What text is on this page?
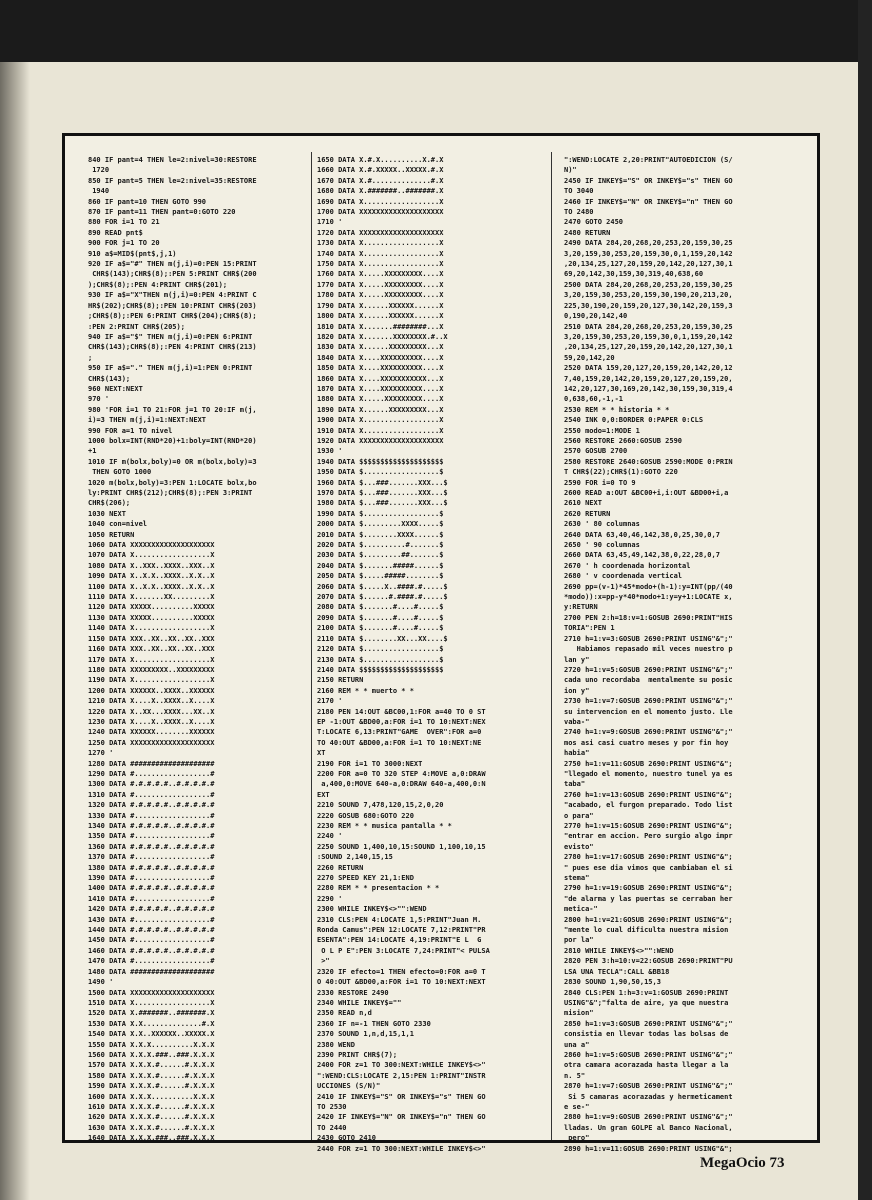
840 IF pant=4 THEN le=2:nivel=30:RESTORE
1720
850 IF pant=5 THEN le=2:nivel=35:RESTORE
1940
860 IF pant=10 THEN GOTO 990
870 IF pant=11 THEN pant=0:GOTO 220
880 FOR i=1 TO 21
890 READ pnt$
900 FOR j=1 TO 20
910 a$=MID$(pnt$,j,1)
920 IF a$="#" THEN m(j,i)=0:PEN 15:PRINT
CHR$(143);CHR$(8);:PEN 5:PRINT CHR$(200
);CHR$(8);:PEN 4:PRINT CHR$(201);
930 IF a$="X"THEN m(j,i)=0:PEN 4:PRINT C
HR$(202);CHR$(8);:PEN 10:PRINT CHR$(203)
;CHR$(8);:PEN 6:PRINT CHR$(204);CHR$(8);
:PEN 2:PRINT CHR$(205);
940 IF a$="$" THEN m(j,i)=0:PEN 6:PRINT
CHR$(143);CHR$(8);:PEN 4:PRINT CHR$(213)
;
950 IF a$="." THEN m(j,i)=1:PEN 0:PRINT
CHR$(143);
960 NEXT:NEXT
970 '
980 'FOR i=1 TO 21:FOR j=1 TO 20:IF m(j,
i)=3 THEN m(j,i)=1:NEXT:NEXT
990 FOR a=1 TO nivel
1000 bolx=INT(RND*20)+1:boly=INT(RND*20)
+1
1010 IF m(bolx,boly)=0 OR m(bolx,boly)=3
THEN GOTO 1000
1020 m(bolx,boly)=3:PEN 1:LOCATE bolx,bo
ly:PRINT CHR$(212);CHR$(8);:PEN 3:PRINT
CHR$(206);
1030 NEXT
1040 con=nivel
1050 RETURN
1060 DATA XXXXXXXXXXXXXXXXXXXX
1070 DATA X..................X
1080 DATA X..XXX..XXXX..XXX..X
1090 DATA X..X.X..XXXX..X.X..X
1100 DATA X..X.X..XXXX..X.X..X
1110 DATA X.......XX.........X
1120 DATA XXXXX..........XXXXX
1130 DATA XXXXX..........XXXXX
1140 DATA X..................X
1150 DATA XXX..XX..XX..XX..XXX
1160 DATA XXX..XX..XX..XX..XXX
1170 DATA X..................X
1180 DATA XXXXXXXXX..XXXXXXXXX
1190 DATA X..................X
1200 DATA XXXXXX..XXXX..XXXXXX
1210 DATA X....X..XXXX..X....X
1220 DATA X..XX...XXXX...XX..X
1230 DATA X....X..XXXX..X....X
1240 DATA XXXXXX........XXXXXX
1250 DATA XXXXXXXXXXXXXXXXXXXX
1270 '
1280 DATA ####################
1290 DATA #..................#
1300 DATA #.#.#.#.#..#.#.#.#.#
1310 DATA #..................#
1320 DATA #.#.#.#.#..#.#.#.#.#
1330 DATA #..................#
1340 DATA #.#.#.#.#..#.#.#.#.#
1350 DATA #..................#
1360 DATA #.#.#.#.#..#.#.#.#.#
1370 DATA #..................#
1380 DATA #.#.#.#.#..#.#.#.#.#
1390 DATA #..................#
1400 DATA #.#.#.#.#..#.#.#.#.#
1410 DATA #..................#
1420 DATA #.#.#.#.#..#.#.#.#.#
1430 DATA #..................#
1440 DATA #.#.#.#.#..#.#.#.#.#
1450 DATA #..................#
1460 DATA #.#.#.#.#..#.#.#.#.#
1470 DATA #..................#
1480 DATA ####################
1490 '
1500 DATA XXXXXXXXXXXXXXXXXXXX
1510 DATA X..................X
1520 DATA X.#######..#######.X
1530 DATA X.X..............#.X
1540 DATA X.X..XXXXXX..XXXXX.X
1550 DATA X.X.X..........X.X.X
1560 DATA X.X.X.###..###.X.X.X
1570 DATA X.X.X.#......#.X.X.X
1580 DATA X.X.X.#......#.X.X.X
1590 DATA X.X.X.#......#.X.X.X
1600 DATA X.X.X..........X.X.X
1610 DATA X.X.X.#......#.X.X.X
1620 DATA X.X.X.#......#.X.X.X
1630 DATA X.X.X.#......#.X.X.X
1640 DATA X.X.X.###..###.X.X.X
1650 DATA X.#.X..........X.#.X
1660 DATA X.#.XXXXX..XXXXX.#.X
1670 DATA X.#..............#.X
1680 DATA X.#######..#######.X
1690 DATA X..................X
1700 DATA XXXXXXXXXXXXXXXXXXXX
1710 '
1720 DATA XXXXXXXXXXXXXXXXXXXX
1730 DATA X..................X
1740 DATA X..................X
1750 DATA X..................X
1760 DATA X.....XXXXXXXXX....X
1770 DATA X.....XXXXXXXXX....X
1780 DATA X.....XXXXXXXXX....X
1790 DATA X......XXXXXX......X
1800 DATA X......XXXXXX......X
1810 DATA X.......########...X
1820 DATA X.......XXXXXXXX.#..X
1830 DATA X......XXXXXXXXX...X
1840 DATA X....XXXXXXXXXX....X
1850 DATA X....XXXXXXXXXX....X
1860 DATA X....XXXXXXXXXXX...X
1870 DATA X....XXXXXXXXXX....X
1880 DATA X.....XXXXXXXXX....X
1890 DATA X......XXXXXXXXX...X
1900 DATA X..................X
1910 DATA X..................X
1920 DATA XXXXXXXXXXXXXXXXXXXX
1930 '
1940 DATA $$$$$$$$$$$$$$$$$$$$
1950 DATA $..................$
1960 DATA $...###.......XXX...$
1970 DATA $...###.......XXX...$
1980 DATA $...###.......XXX...$
1990 DATA $..................$
2000 DATA $.........XXXX.....$
2010 DATA $........XXXX......$
2020 DATA $..........#.......$
2030 DATA $.........##.......$
2040 DATA $.......#####......$
2050 DATA $.....#####........$
2060 DATA $.....X..####.#.....$
2070 DATA $......#.####.#.....$
2080 DATA $.......#....#.....$
2090 DATA $.......#....#.....$
2100 DATA $.......#....#.....$
2110 DATA $........XX...XX....$
2120 DATA $..................$
2130 DATA $..................$
2140 DATA $$$$$$$$$$$$$$$$$$$$
2150 RETURN
2160 REM * * muerto * *
2170 '
2180 PEN 14:OUT &BC00,1:FOR a=40 TO 0 ST
EP -1:OUT &BD00,a:FOR i=1 TO 10:NEXT:NEX
T:LOCATE 6,13:PRINT"GAME  OVER":FOR a=0
TO 40:OUT &BD00,a:FOR i=1 TO 10:NEXT:NE
XT
2190 FOR i=1 TO 3000:NEXT
2200 FOR a=0 TO 320 STEP 4:MOVE a,0:DRAW
a,400,0:MOVE 640-a,0:DRAW 640-a,400,0:N
EXT
2210 SOUND 7,478,120,15,2,0,20
2220 GOSUB 680:GOTO 220
2230 REM * * musica pantalla * *
2240 '
2250 SOUND 1,400,10,15:SOUND 1,100,10,15
:SOUND 2,140,15,15
2260 RETURN
2270 SPEED KEY 21,1:END
2280 REM * * presentacion * *
2290 '
2300 WHILE INKEY$<>"":WEND
2310 CLS:PEN 4:LOCATE 1,5:PRINT"Juan M.
Ronda Camus":PEN 12:LOCATE 7,12:PRINT"PR
ESENTA":PEN 14:LOCATE 4,19:PRINT"E L  G
O L P E":PEN 3:LOCATE 7,24:PRINT"< PULSA
>"
2320 IF efecto=1 THEN efecto=0:FOR a=0 T
O 40:OUT &BD00,a:FOR i=1 TO 10:NEXT:NEXT
2330 RESTORE 2490
2340 WHILE INKEY$=""
2350 READ n,d
2360 IF n=-1 THEN GOTO 2330
2370 SOUND 1,n,d,15,1,1
2380 WEND
2390 PRINT CHR$(7);
2400 FOR z=1 TO 300:NEXT:WHILE INKEY$<>"
":WEND:CLS:LOCATE 2,15:PEN 1:PRINT"INSTR
UCCIONES (S/N)"
2410 IF INKEY$="S" OR INKEY$="s" THEN GO
TO 2530
2420 IF INKEY$="N" OR INKEY$="n" THEN GO
TO 2440
2430 GOTO 2410
2440 FOR z=1 TO 300:NEXT:WHILE INKEY$<>"
":WEND:LOCATE 2,20:PRINT"AUTOEDICION (S/
N)"
2450 IF INKEY$="S" OR INKEY$="s" THEN GO
TO 3040
2460 IF INKEY$="N" OR INKEY$="n" THEN GO
TO 2480
2470 GOTO 2450
2480 RETURN
2490 DATA 284,20,268,20,253,20,159,30,25
3,20,159,30,253,20,159,30,0,1,159,20,142
,20,134,25,127,20,159,20,142,20,127,30,1
69,20,142,30,159,30,319,40,638,60
2500 DATA 284,20,268,20,253,20,159,30,25
3,20,159,30,253,20,159,30,190,20,213,20,
225,30,190,20,159,20,127,30,142,20,159,3
0,190,20,142,40
2510 DATA 284,20,268,20,253,20,159,30,25
3,20,159,30,253,20,159,30,0,1,159,20,142
,20,134,25,127,20,159,20,142,20,127,30,1
59,20,142,20
2520 DATA 159,20,127,20,159,20,142,20,12
7,40,159,20,142,20,159,20,127,20,159,20,
142,20,127,30,169,20,142,30,159,30,319,4
0,638,60,-1,-1
2530 REM * * historia * *
2540 INK 0,0:BORDER 0:PAPER 0:CLS
2550 modo=1:MODE 1
2560 RESTORE 2660:GOSUB 2590
2570 GOSUB 2700
2580 RESTORE 2640:GOSUB 2590:MODE 0:PRIN
T CHR$(22);CHR$(1):GOTO 220
2590 FOR i=0 TO 9
2600 READ a:OUT &BC00+i,i:OUT &BD00+i,a
2610 NEXT
2620 RETURN
2630 ' 80 columnas
2640 DATA 63,40,46,142,38,0,25,30,0,7
2650 ' 90 columnas
2660 DATA 63,45,49,142,38,0,22,28,0,7
2670 ' h coordenada horizontal
2680 ' v coordenada vertical
2690 pp=(v-1)*45*modo+(h-1):y=INT(pp/(40
*modo)):x=pp-y*40*modo+1:y=y+1:LOCATE x,
y:RETURN
2700 PEN 2:h=18:v=1:GOSUB 2690:PRINT"HIS
TORIA":PEN 1
2710 h=1:v=3:GOSUB 2690:PRINT USING"&";"
Habiamos repasado mil veces nuestro p
lan y"
2720 h=1:v=5:GOSUB 2690:PRINT USING"&";"
cada uno recordaba  mentalmente su posic
ion y"
2730 h=1:v=7:GOSUB 2690:PRINT USING"&";"
su intervencion en el momento justo. Lle
vaba-"
2740 h=1:v=9:GOSUB 2690:PRINT USING"&";"
mos asi casi cuatro meses y por fin hoy
habia"
2750 h=1:v=11:GOSUB 2690:PRINT USING"&";
"llegado el momento, nuestro tunel ya es
taba"
2760 h=1:v=13:GOSUB 2690:PRINT USING"&";
"acabado, el furgon preparado. Todo list
o para"
2770 h=1:v=15:GOSUB 2690:PRINT USING"&";
"entrar en accion. Pero surgio algo impr
evisto"
2780 h=1:v=17:GOSUB 2690:PRINT USING"&";
" pues ese dia vimos que cambiaban el si
stema"
2790 h=1:v=19:GOSUB 2690:PRINT USING"&";
"de alarma y las puertas se cerraban her
metica-"
2800 h=1:v=21:GOSUB 2690:PRINT USING"&";
"mente lo cual dificulta nuestra mision
por la"
2810 WHILE INKEY$<>"":WEND
2820 PEN 3:h=10:v=22:GOSUB 2690:PRINT"PU
LSA UNA TECLA":CALL &BB18
2830 SOUND 1,90,50,15,3
2840 CLS:PEN 1:h=3:v=1:GOSUB 2690:PRINT
USING"&";"falta de aire, ya que nuestra
mision"
2850 h=1:v=3:GOSUB 2690:PRINT USING"&";"
consistia en llevar todas las bolsas de
una a"
2860 h=1:v=5:GOSUB 2690:PRINT USING"&";"
otra camara acorazada hasta llegar a la
n. 5"
2870 h=1:v=7:GOSUB 2690:PRINT USING"&";"
Si 5 camaras acorazadas y hermeticament
e se-"
2880 h=1:v=9:GOSUB 2690:PRINT USING"&";"
lladas. Un gran GOLPE al Banco Nacional,
pero"
2890 h=1:v=11:GOSUB 2690:PRINT USING"&";
MegaOcio 73
